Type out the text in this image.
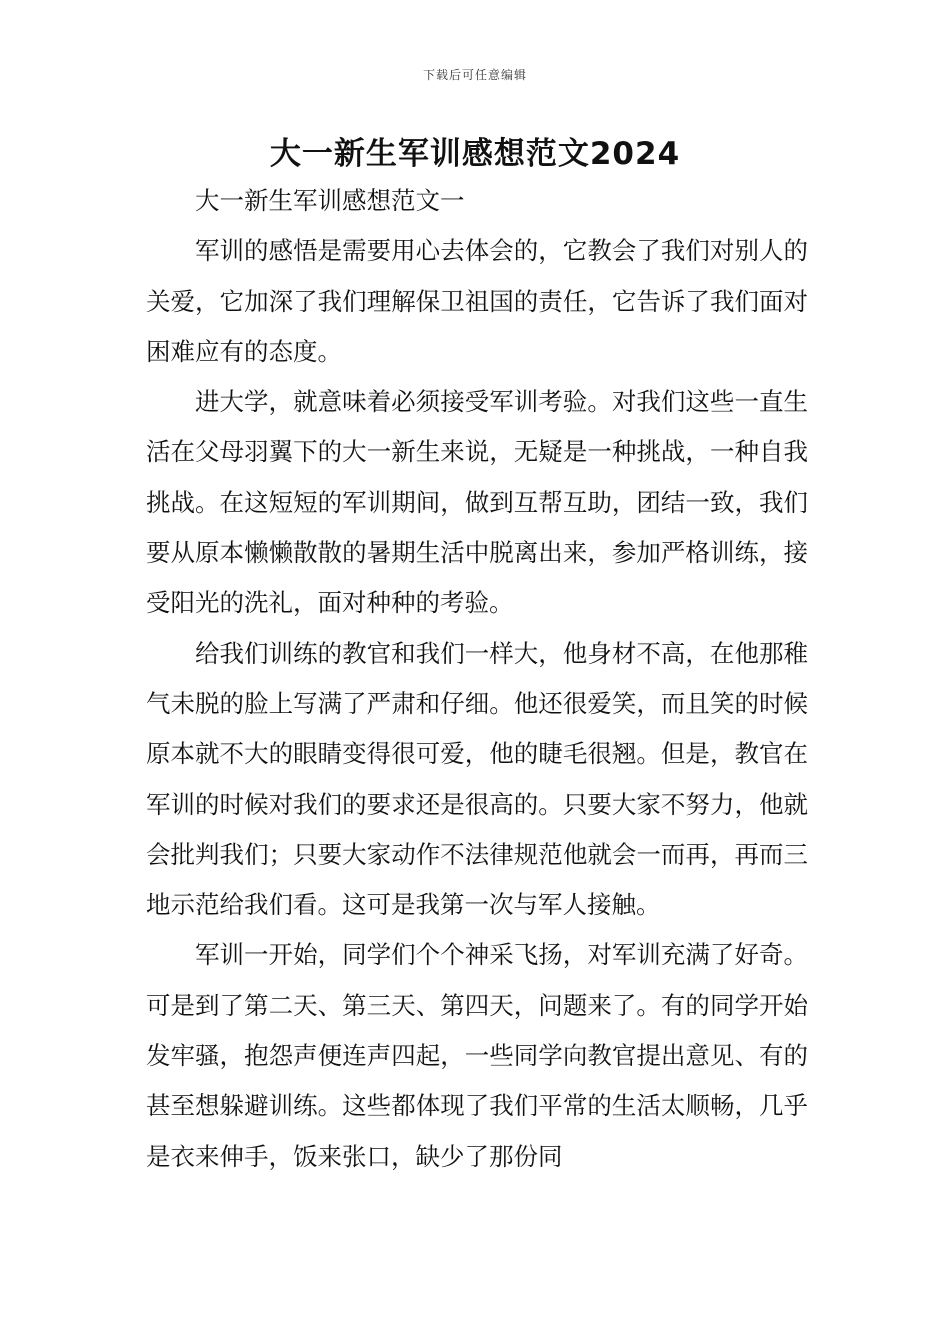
下载后可任意编辑
大一新生军训感想范文2024

大一新生军训感想范文一

军训的感悟是需要用心去体会的，它教会了我们对别人的关爱，它加深了我们理解保卫祖国的责任，它告诉了我们面对困难应有的态度。

进大学，就意味着必须接受军训考验。对我们这些一直生活在父母羽翼下的大一新生来说，无疑是一种挑战，一种自我挑战。在这短短的军训期间，做到互帮互助，团结一致，我们要从原本懒懒散散的暑期生活中脱离出来，参加严格训练，接受阳光的洗礼，面对种种的考验。

给我们训练的教官和我们一样大，他身材不高，在他那稚气未脱的脸上写满了严肃和仔细。他还很爱笑，而且笑的时候原本就不大的眼睛变得很可爱，他的睫毛很翘。但是，教官在军训的时候对我们的要求还是很高的。只要大家不努力，他就会批判我们；只要大家动作不法律规范他就会一而再，再而三地示范给我们看。这可是我第一次与军人接触。

军训一开始，同学们个个神采飞扬，对军训充满了好奇。可是到了第二天、第三天、第四天，问题来了。有的同学开始发牢骚，抱怨声便连声四起，一些同学向教官提出意见、有的甚至想躲避训练。这些都体现了我们平常的生活太顺畅，几乎是衣来伸手，饭来张口，缺少了那份同
